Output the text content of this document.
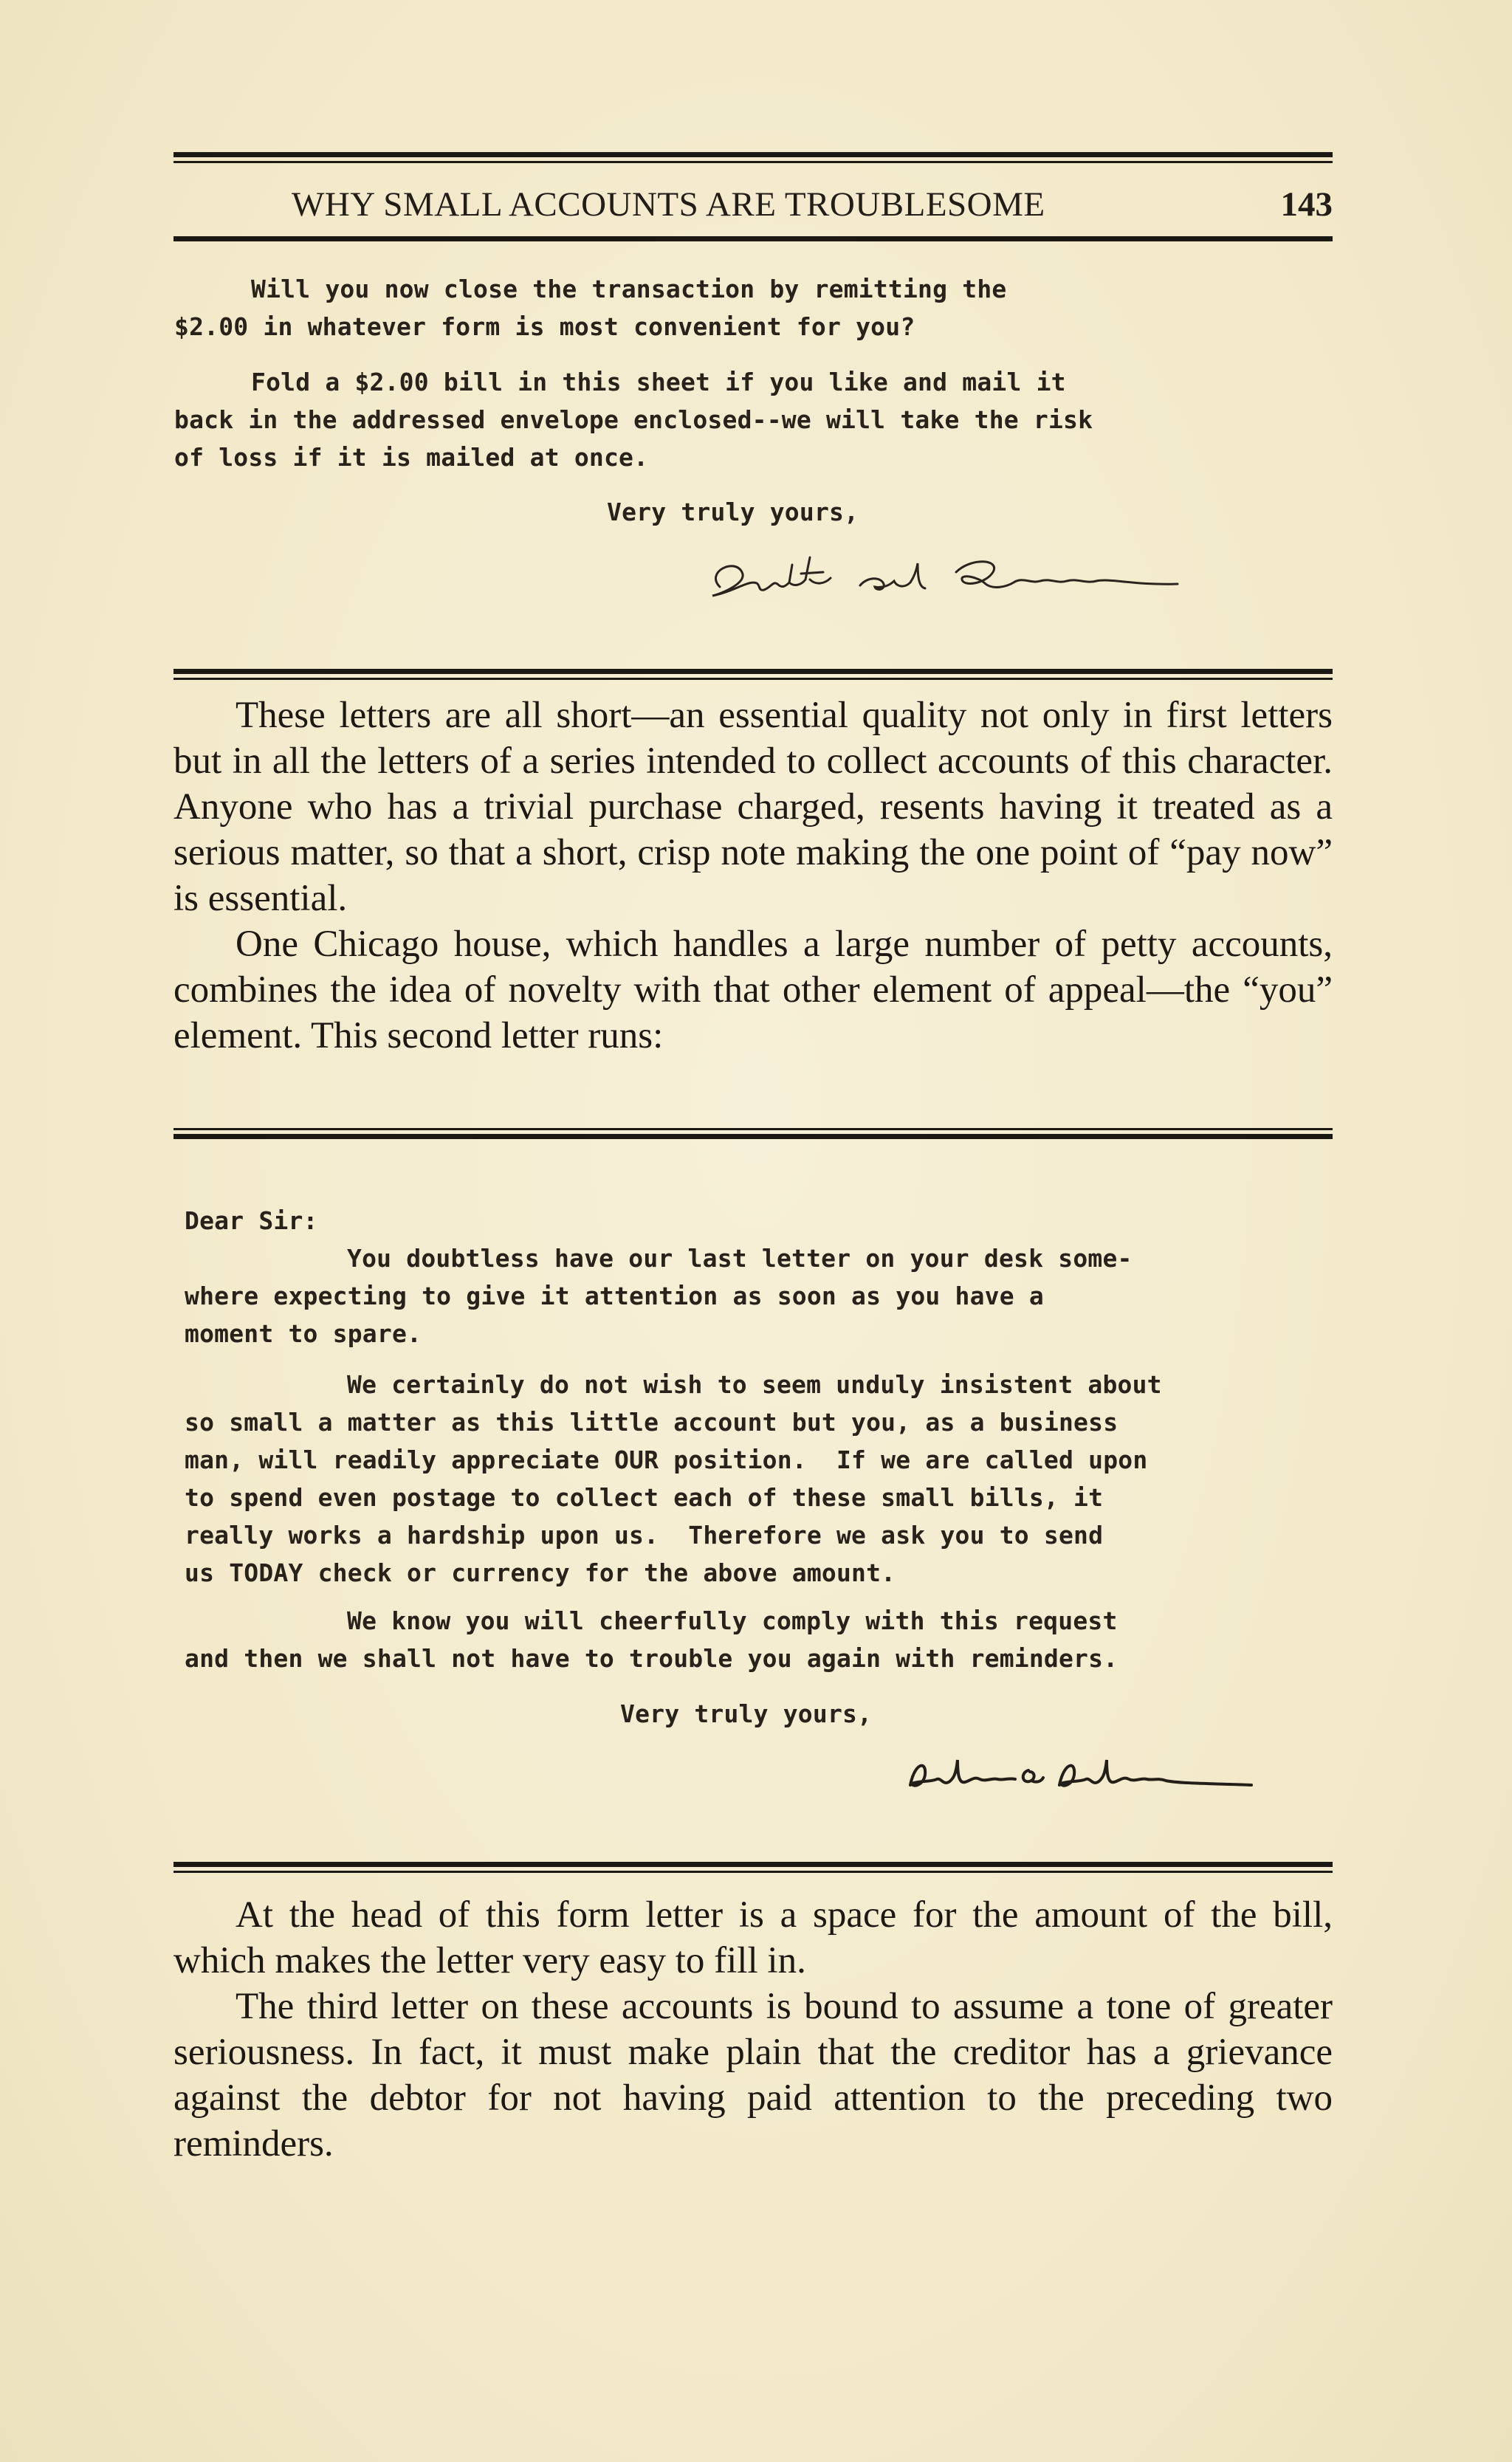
WHY SMALL ACCOUNTS ARE TROUBLESOME	143

Will you now close the transaction by remitting the

$2.00 in whatever form is most convenient for you?

Fold a $2.00 bill in this sheet if you like and mail it

back in the addressed envelope enclosed--we will take the risk

of loss if it is mailed at once.

Very truly yours,

These letters are all short—an essential quality not only in first letters but in all the letters of a series intended to collect accounts of this character. Anyone who has a trivial purchase charged, resents having it treated as a serious matter, so that a short, crisp note making the one point of “pay now” is essential.

One Chicago house, which handles a large number of petty accounts, combines the idea of novelty with that other element of appeal—the “you” element. This second letter runs:

Dear Sir:

You doubtless have our last letter on your desk some-

where expecting to give it attention as soon as you have a

moment to spare.

We certainly do not wish to seem unduly insistent about

so small a matter as this little account but you, as a business

man, will readily appreciate OUR position.  If we are called upon

to spend even postage to collect each of these small bills, it

really works a hardship upon us.  Therefore we ask you to send

us TODAY check or currency for the above amount.

We know you will cheerfully comply with this request

and then we shall not have to trouble you again with reminders.

Very truly yours,

At the head of this form letter is a space for the amount of the bill, which makes the letter very easy to fill in.

The third letter on these accounts is bound to assume a tone of greater seriousness. In fact, it must make plain that the creditor has a grievance against the debtor for not having paid attention to the preceding two reminders.
